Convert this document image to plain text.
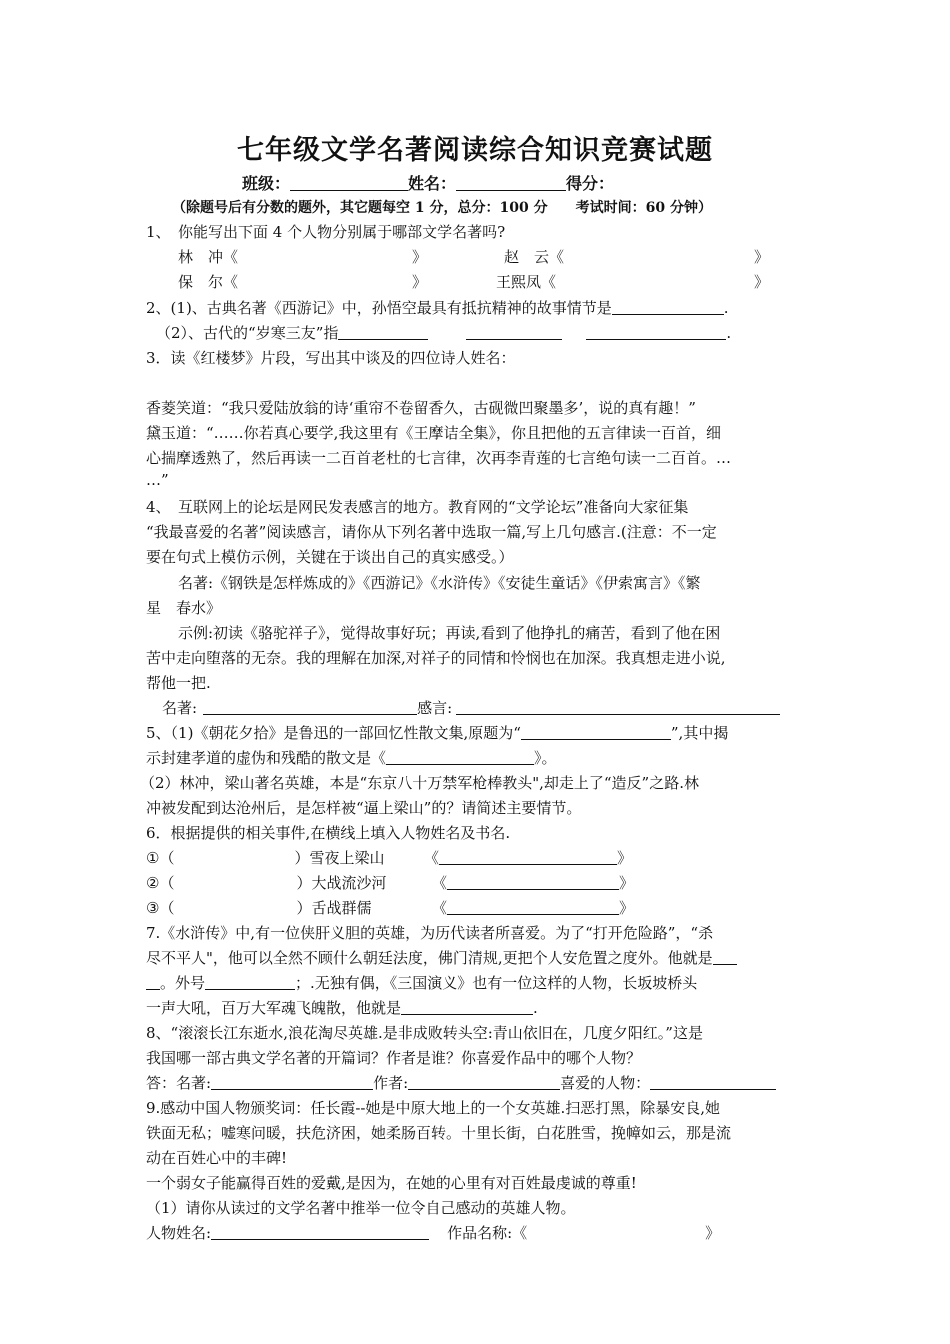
七年级文学名著阅读综合知识竞赛试题
班级：	姓名：	得分：
（除题号后有分数的题外，其它题每空 1 分，总分：100 分　　考试时间：60 分钟）
1、　你能写出下面 4 个人物分别属于哪部文学名著吗?
林　冲《	》	赵　云《	》
保　尔《	》	王熙凤《	》
2、(1)、古典名著《西游记》中，孙悟空最具有抵抗精神的故事情节是	.
（2）、古代的“岁寒三友”指	.
3．读《红楼梦》片段，写出其中谈及的四位诗人姓名：
香菱笑道：“我只爱陆放翁的诗‘重帘不卷留香久，古砚微凹聚墨多’，说的真有趣！”
黛玉道：“……你若真心要学,我这里有《王摩诘全集》，你且把他的五言律读一百首，细
心揣摩透熟了，然后再读一二百首老杜的七言律，次再李青莲的七言绝句读一二百首。…
…”
4、　互联网上的论坛是网民发表感言的地方。教育网的“文学论坛”准备向大家征集
“我最喜爱的名著”阅读感言，请你从下列名著中选取一篇,写上几句感言.(注意：不一定
要在句式上模仿示例，关键在于谈出自己的真实感受。）
名著:《钢铁是怎样炼成的》《西游记》《水浒传》《安徒生童话》《伊索寓言》《繁
星　春水》
示例:初读《骆驼祥子》，觉得故事好玩；再读,看到了他挣扎的痛苦，看到了他在困
苦中走向堕落的无奈。我的理解在加深,对祥子的同情和怜悯也在加深。我真想走进小说,
帮他一把.
名著:	感言:
5、（1)《朝花夕拾》是鲁迅的一部回忆性散文集,原题为“	”,其中揭
示封建孝道的虚伪和残酷的散文是《	》。
（2）林冲，梁山著名英雄，本是“东京八十万禁军枪棒教头",却走上了“造反”之路.林
冲被发配到达沧州后，是怎样被“逼上梁山”的？请简述主要情节。
6．根据提供的相关事件,在横线上填入人物姓名及书名.
①（	）雪夜上梁山	《	》
②（	）大战流沙河	《	》
③（	）舌战群儒	《	》
7.《水浒传》中,有一位侠肝义胆的英雄，为历代读者所喜爱。为了“打开危险路”，“杀
尽不平人"，他可以全然不顾什么朝廷法度，佛门清规,更把个人安危置之度外。他就是
。外号	；.无独有偶，《三国演义》也有一位这样的人物，长坂坡桥头
一声大吼，百万大军魂飞魄散，他就是	.
8、“滚滚长江东逝水,浪花淘尽英雄.是非成败转头空:青山依旧在，几度夕阳红。”这是
我国哪一部古典文学名著的开篇词？作者是谁？你喜爱作品中的哪个人物？
答：名著:	作者:	喜爱的人物：
9.感动中国人物颁奖词：任长霞--她是中原大地上的一个女英雄.扫恶打黑，除暴安良,她
铁面无私；嘘寒问暖，扶危济困，她柔肠百转。十里长街，白花胜雪，挽幛如云，那是流
动在百姓心中的丰碑!
一个弱女子能赢得百姓的爱戴,是因为，在她的心里有对百姓最虔诚的尊重!
（1）请你从读过的文学名著中推举一位令自己感动的英雄人物。
人物姓名:	作品名称:《	》
